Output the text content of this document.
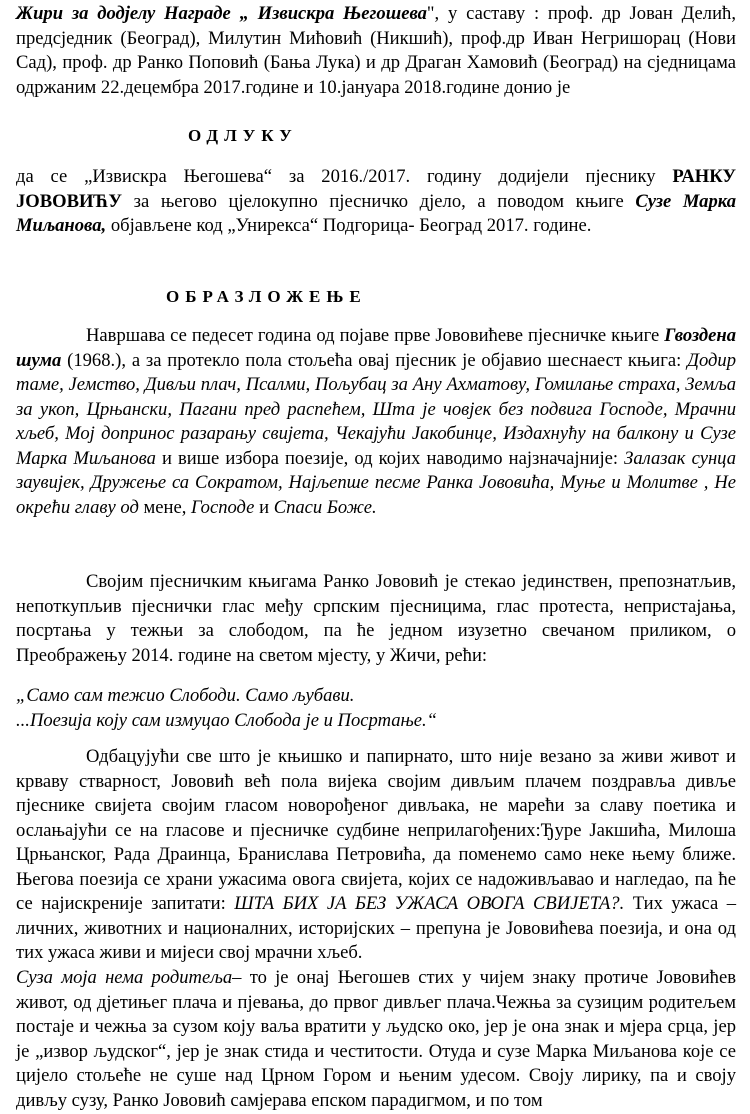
Жири за додјелу Награде „ Извискра Његошева", у саставу : проф. др Јован Делић, предсједник (Београд), Милутин Мићовић (Никшић), проф.др Иван Негришорац (Нови Сад), проф. др Ранко Поповић (Бања Лука) и др Драган Хамовић (Београд) на сједницама одржаним 22.децембра 2017.године и 10.јануара 2018.године донио је

ОДЛУКУ

да се „Извискра Његошева“ за 2016./2017. годину додијели пјеснику РАНКУ ЈОВОВИЋУ за његово цјелокупно пјесничко дјело, а поводом књиге Сузе Марка Миљанова, објављене код „Унирекса“ Подгорица- Београд 2017. године.

ОБРАЗЛОЖЕЊЕ

Навршава се педесет година од појаве прве Јововићеве пјесничке књиге Гвоздена шума (1968.), а за протекло пола стољећа овај пјесник је објавио шеснаест књига: Додир таме, Јемство, Дивљи плач, Псалми, Пољубац за Ану Ахматову, Гомилање страха, Земља за укоп, Црњански, Пагани пред распећем, Шта је човјек без подвига Господе, Мрачни хљеб, Мој допринос разарању свијета, Чекајући Јакобинце, Издахнућу на балкону и Сузе Марка Миљанова и више избора поезије, од којих наводимо најзначајније: Залазак сунца заувијек, Дружење са Сократом, Најљепше песме Ранка Јововића, Муње и Молитве , Не окрећи главу од мене, Господе и Спаси Боже.

Својим пјесничким књигама Ранко Јововић је стекао јединствен, препознатљив, непоткупљив пјеснички глас међу српским пјесницима, глас протеста, непристајања, посртања у тежњи за слободом, па ће једном изузетно свечаном приликом, о Преображењу 2014. године на светом мјесту, у Жичи, рећи:

„Само сам тежио Слободи. Само љубави.
...Поезија коју сам измуцао Слобода је и Посртање.“

Одбацујући све што је књишко и папирнато, што није везано за живи живот и крваву стварност, Јововић већ пола вијека својим дивљим плачем поздравља дивље пјеснике свијета својим гласом новорођеног дивљака, не марећи за славу поетика и ослањајући се на гласове и пјесничке судбине неприлагођених:Ђуре Јакшића, Милоша Црњанског, Рада Драинца, Бранислава Петровића, да поменемо само неке њему ближе. Његова поезија се храни ужасима овога свијета, којих се надоживљавао и нагледао, па ће се најискреније запитати: ШТА БИХ ЈА БЕЗ УЖАСА ОВОГА СВИЈЕТА?. Тих ужаса – личних, животних и националних, историјских – препуна је Јововићева поезија, и она од тих ужаса живи и мијеси свој мрачни хљеб.

Суза моја нема родитеља– то је онај Његошев стих у чијем знаку протиче Јововићев живот, од дјетињег плача и пјевања, до првог дивљег плача.Чежња за сузицим родитељем постаје и чежња за сузом коју ваља вратити у људско око, јер је она знак и мјера срца, јер је „извор људског“, јер је знак стида и честитости. Отуда и сузе Марка Миљанова које се цијело стољеће не суше над Црном Гором и њеним удесом. Своју лирику, па и своју дивљу сузу, Ранко Јововић самјерава епском парадигмом, и по том
